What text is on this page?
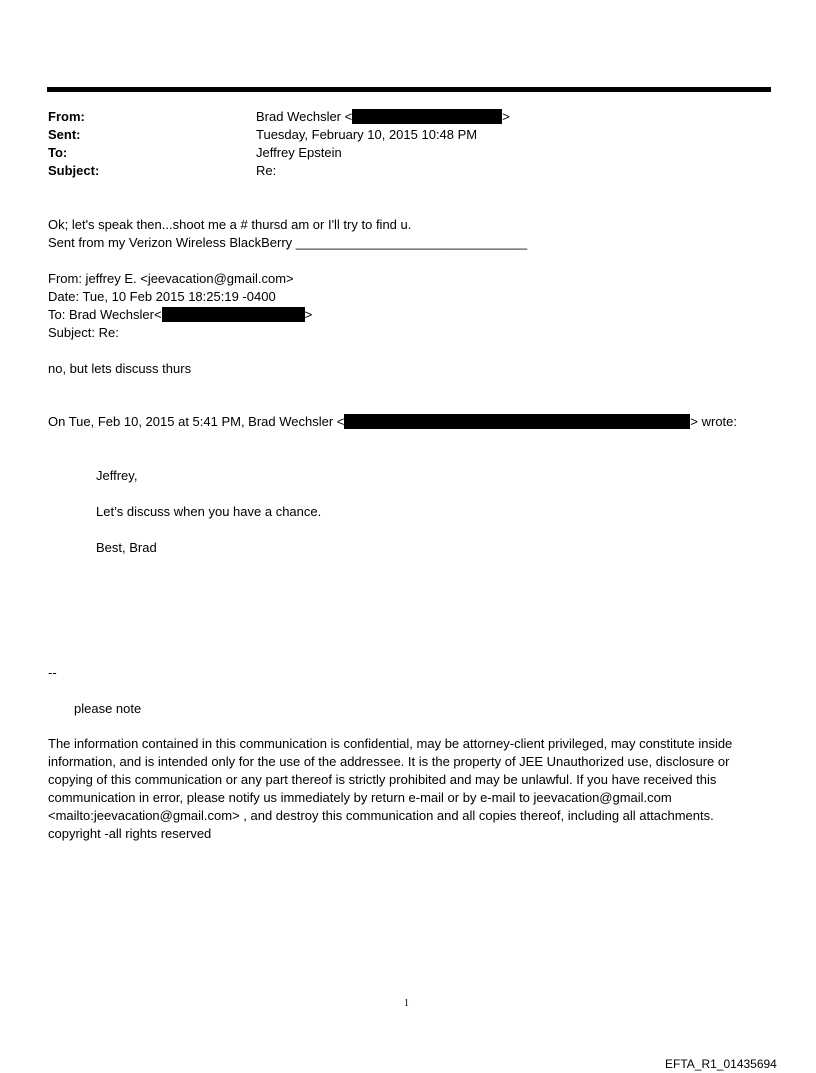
From:	Brad Wechsler <	>
Sent:	Tuesday, February 10, 2015 10:48 PM
To:	Jeffrey Epstein
Subject:	Re:
Ok; let's speak then...shoot me a # thursd am or I'll try to find u.
Sent from my Verizon Wireless BlackBerry ________________________________
From: jeffrey E. <jeevacation@gmail.com>
Date: Tue, 10 Feb 2015 18:25:19 -0400
To: Brad Wechsler<	>
Subject: Re:
no, but lets discuss thurs
On Tue, Feb 10, 2015 at 5:41 PM, Brad Wechsler <	> wrote:
Jeffrey,
Let’s discuss when you have a chance.
Best, Brad
--
please note
The information contained in this communication is confidential, may be attorney-client privileged, may constitute inside information, and is intended only for the use of the addressee. It is the property of JEE Unauthorized use, disclosure or copying of this communication or any part thereof is strictly prohibited and may be unlawful. If you have received this communication in error, please notify us immediately by return e-mail or by e-mail to jeevacation@gmail.com <mailto:jeevacation@gmail.com> , and destroy this communication and all copies thereof, including all attachments. copyright -all rights reserved
1
EFTA_R1_01435694
